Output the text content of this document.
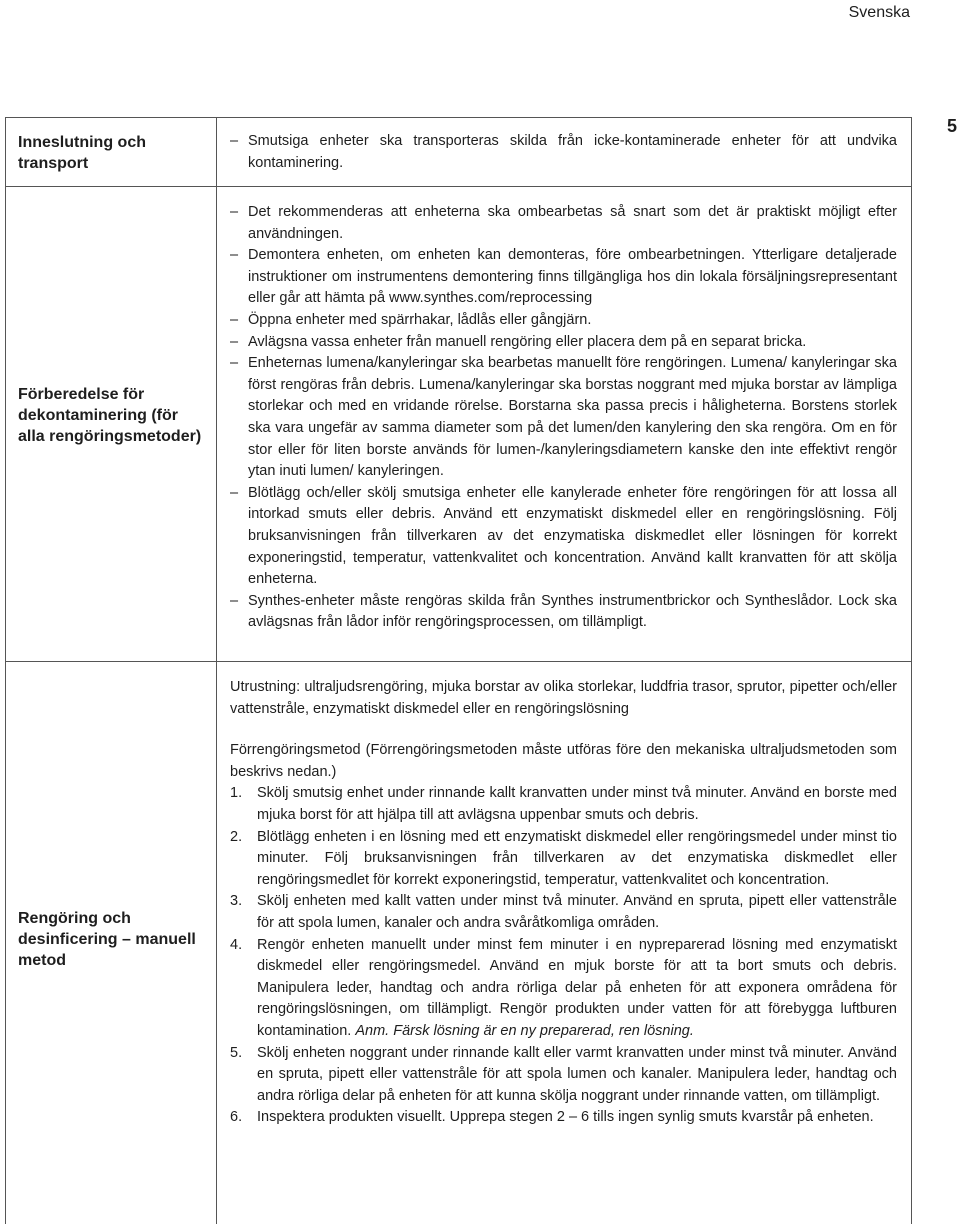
Svenska
5
Inneslutning och transport
– Smutsiga enheter ska transporteras skilda från icke-kontaminerade enheter för att undvika kontaminering.
Förberedelse för dekontaminering (för alla rengöringsmetoder)
– Det rekommenderas att enheterna ska ombearbetas så snart som det är praktiskt möjligt efter användningen.
– Demontera enheten, om enheten kan demonteras, före ombearbetningen. Ytterligare detaljerade instruktioner om instrumentens demontering finns tillgängliga hos din lokala försäljningsrepresentant eller går att hämta på www.synthes.com/reprocessing
– Öppna enheter med spärrhakar, lådlås eller gångjärn.
– Avlägsna vassa enheter från manuell rengöring eller placera dem på en separat bricka.
– Enheternas lumena/kanyleringar ska bearbetas manuellt före rengöringen. Lumena/ kanyleringar ska först rengöras från debris. Lumena/kanyleringar ska borstas noggrant med mjuka borstar av lämpliga storlekar och med en vridande rörelse. Borstarna ska passa precis i håligheterna. Borstens storlek ska vara ungefär av samma diameter som på det lumen/den kanylering den ska rengöra. Om en för stor eller för liten borste används för lumen-/kanyleringsdiametern kanske den inte effektivt rengör ytan inuti lumen/ kanyleringen.
– Blötlägg och/eller skölj smutsiga enheter elle kanylerade enheter före rengöringen för att lossa all intorkad smuts eller debris. Använd ett enzymatiskt diskmedel eller en rengöringslösning. Följ bruksanvisningen från tillverkaren av det enzymatiska diskmedlet eller lösningen för korrekt exponeringstid, temperatur, vattenkvalitet och koncentration. Använd kallt kranvatten för att skölja enheterna.
– Synthes-enheter måste rengöras skilda från Synthes instrumentbrickor och Syntheslådor. Lock ska avlägsnas från lådor inför rengöringsprocessen, om tillämpligt.
Rengöring och desinficering – manuell metod

Utrustning: ultraljudsrengöring, mjuka borstar av olika storlekar, luddfria trasor, sprutor, pipetter och/eller vattenstråle, enzymatiskt diskmedel eller en rengöringslösning

Förrengöringsmetod (Förrengöringsmetoden måste utföras före den mekaniska ultraljudsmetoden som beskrivs nedan.)

1.	Skölj smutsig enhet under rinnande kallt kranvatten under minst två minuter. Använd en borste med mjuka borst för att hjälpa till att avlägsna uppenbar smuts och debris.
2.	Blötlägg enheten i en lösning med ett enzymatiskt diskmedel eller rengöringsmedel under minst tio minuter. Följ bruksanvisningen från tillverkaren av det enzymatiska diskmedlet eller rengöringsmedlet för korrekt exponeringstid, temperatur, vattenkvalitet och koncentration.
3.	Skölj enheten med kallt vatten under minst två minuter. Använd en spruta, pipett eller vattenstråle för att spola lumen, kanaler och andra svåråtkomliga områden.
4.	Rengör enheten manuellt under minst fem minuter i en nypreparerad lösning med enzymatiskt diskmedel eller rengöringsmedel. Använd en mjuk borste för att ta bort smuts och debris. Manipulera leder, handtag och andra rörliga delar på enheten för att exponera områdena för rengöringslösningen, om tillämpligt. Rengör produkten under vatten för att förebygga luftburen kontamination. Anm. Färsk lösning är en ny preparerad, ren lösning.
5.	Skölj enheten noggrant under rinnande kallt eller varmt kranvatten under minst två minuter. Använd en spruta, pipett eller vattenstråle för att spola lumen och kanaler. Manipulera leder, handtag och andra rörliga delar på enheten för att kunna skölja noggrant under rinnande vatten, om tillämpligt.
6.	Inspektera produkten visuellt. Upprepa stegen 2 – 6 tills ingen synlig smuts kvarstår på enheten.
